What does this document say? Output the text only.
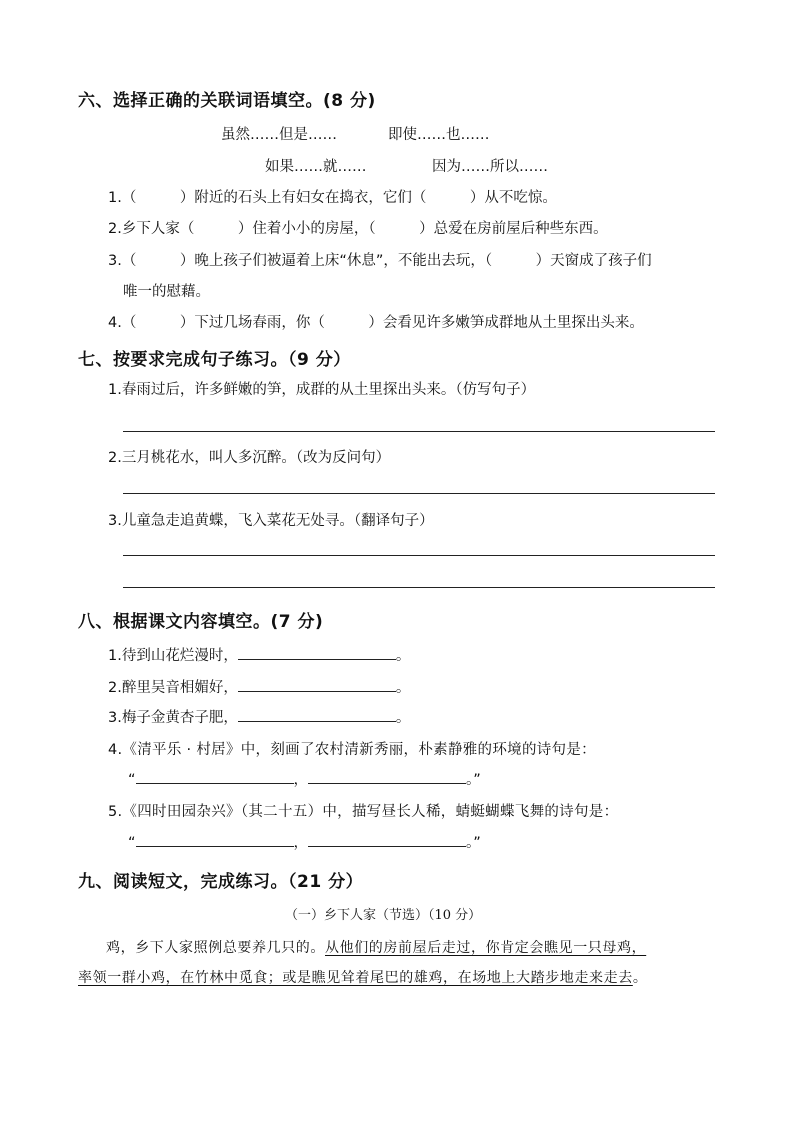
六、选择正确的关联词语填空。(8 分)
虽然……但是……	即使……也……
如果……就……	因为……所以……
1.（　　　）附近的石头上有妇女在捣衣，它们（　　　）从不吃惊。
2.乡下人家（　　　）住着小小的房屋，（　　　）总爱在房前屋后种些东西。
3.（　　　）晚上孩子们被逼着上床“休息”，不能出去玩，（　　　）天窗成了孩子们
唯一的慰藉。
4.（　　　）下过几场春雨，你（　　　）会看见许多嫩笋成群地从土里探出头来。
七、按要求完成句子练习。（9 分）
1.春雨过后，许多鲜嫩的笋，成群的从土里探出头来。（仿写句子）
2.三月桃花水，叫人多沉醉。（改为反问句）
3.儿童急走追黄蝶，飞入菜花无处寻。（翻译句子）
八、根据课文内容填空。(7 分)
1.待到山花烂漫时，	。
2.醉里吴音相媚好，	。
3.梅子金黄杏子肥，	。
4.《清平乐 · 村居》中，刻画了农村清新秀丽，朴素静雅的环境的诗句是：
“	，	。”
5.《四时田园杂兴》（其二十五）中，描写昼长人稀，蜻蜓蝴蝶飞舞的诗句是：
“	，	。”
九、阅读短文，完成练习。（21 分）
（一）乡下人家（节选）（10 分）
鸡，乡下人家照例总要养几只的。从他们的房前屋后走过，你肯定会瞧见一只母鸡，
率领一群小鸡，在竹林中觅食；或是瞧见耸着尾巴的雄鸡，在场地上大踏步地走来走去。
